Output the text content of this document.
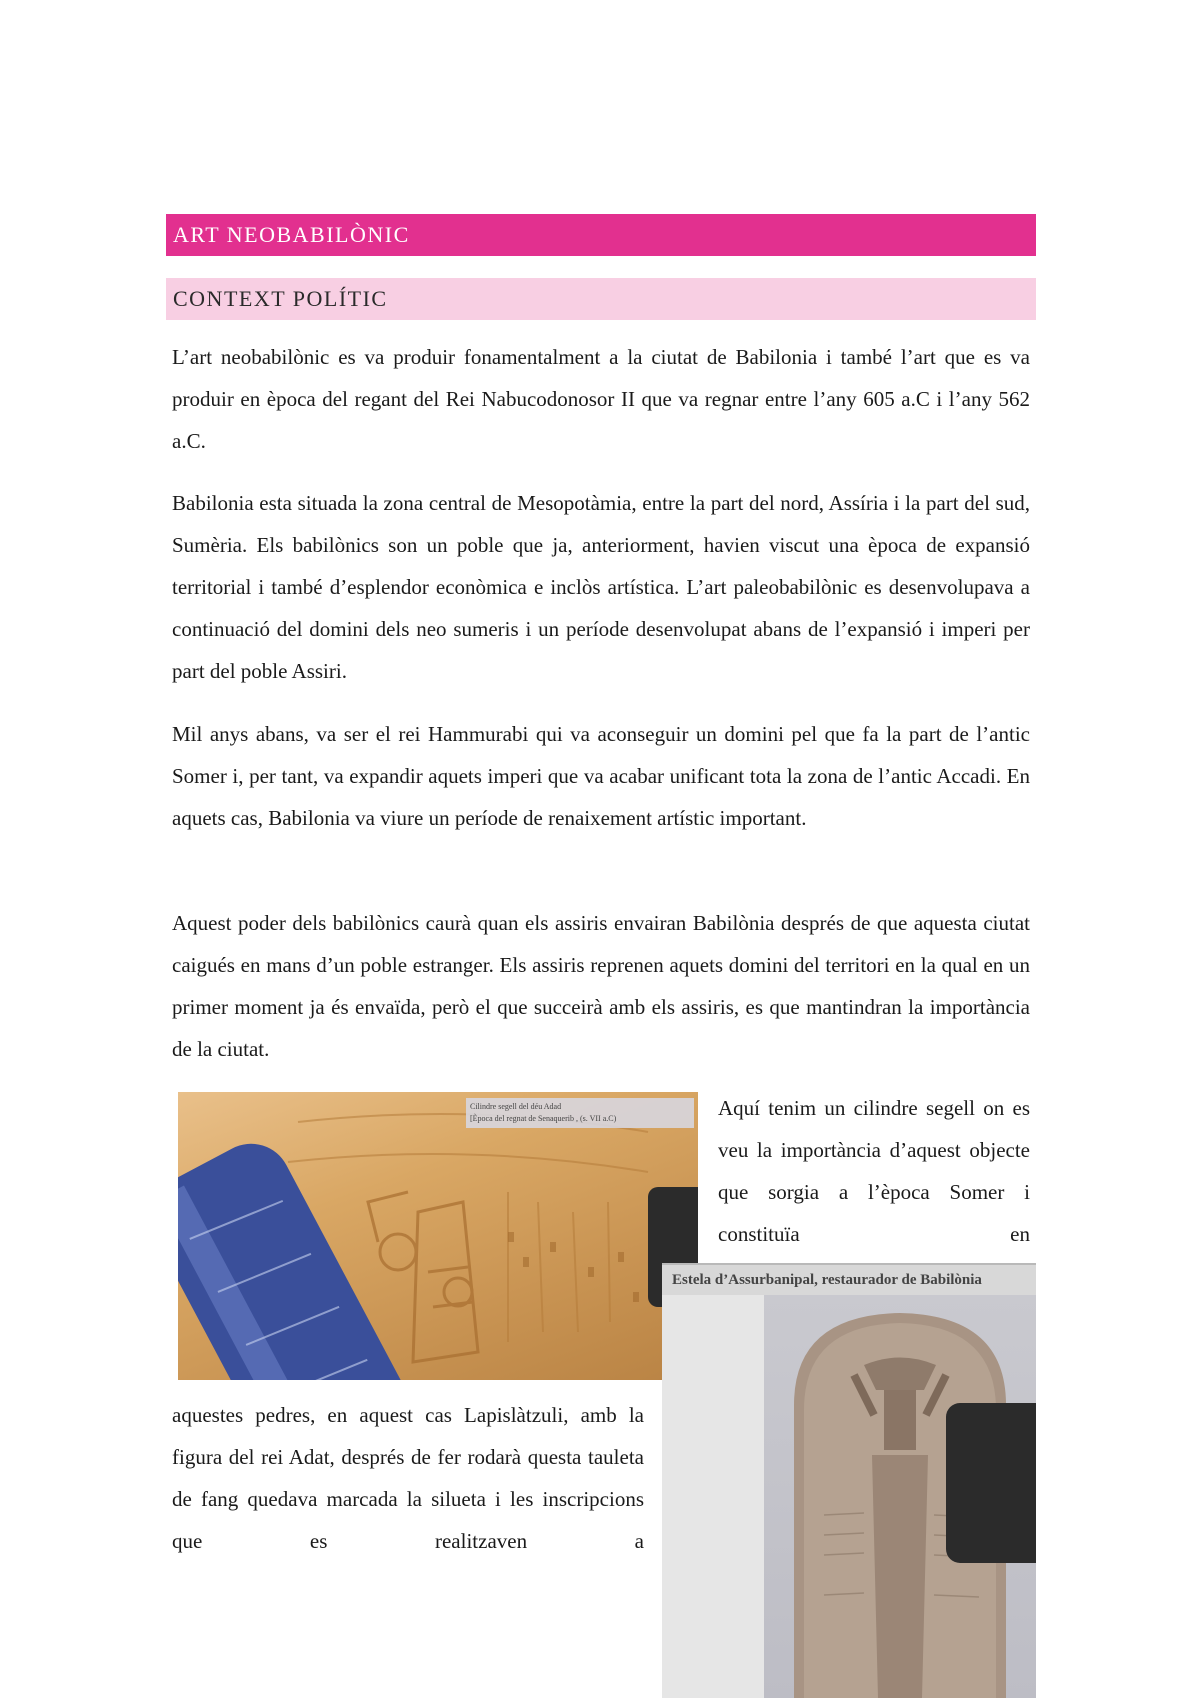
ART NEOBABILÒNIC
CONTEXT POLÍTIC

L’art neobabilònic es va produir fonamentalment a la ciutat de Babilonia i també l’art que es va produir en època del regant del Rei Nabucodonosor II que va regnar entre l’any 605 a.C i l’any 562 a.C.

Babilonia esta situada la zona central de Mesopotàmia, entre la part del nord, Assíria i la part del sud, Sumèria. Els babilònics son un poble que ja, anteriorment, havien viscut una època de expansió territorial i també d’esplendor econòmica e inclòs artística. L’art paleobabilònic es desenvolupava a continuació del domini dels neo sumeris i un període desenvolupat abans de l’expansió i imperi per part del poble Assiri.

Mil anys abans, va ser el rei Hammurabi qui va aconseguir un domini pel que fa la part de l’antic Somer i, per tant, va expandir aquets imperi que va acabar unificant tota la zona de l’antic Accadi. En aquets cas, Babilonia va viure un període de renaixement artístic important.

Aquest poder dels babilònics caurà quan els assiris envairan Babilònia després de que aquesta ciutat caigués en mans d’un poble estranger. Els assiris reprenen aquets domini del territori en la qual en un primer moment ja és envaïda, però el que succeirà amb els assiris, es que mantindran la importància de la ciutat.

Cilindre segell del déu Adad
[Època del regnat de Senaquerib , (s. VII a.C)	Aquí tenim un cilindre segell on es veu la importància d’aquest objecte que sorgia a l’època Somer i constituïa en

Estela d’Assurbanipal, restaurador de Babilònia

aquestes pedres, en aquest cas Lapislàtzuli, amb la figura del rei Adat, després de fer rodarà questa tauleta de fang quedava marcada la silueta i les inscripcions que es realitzaven a
